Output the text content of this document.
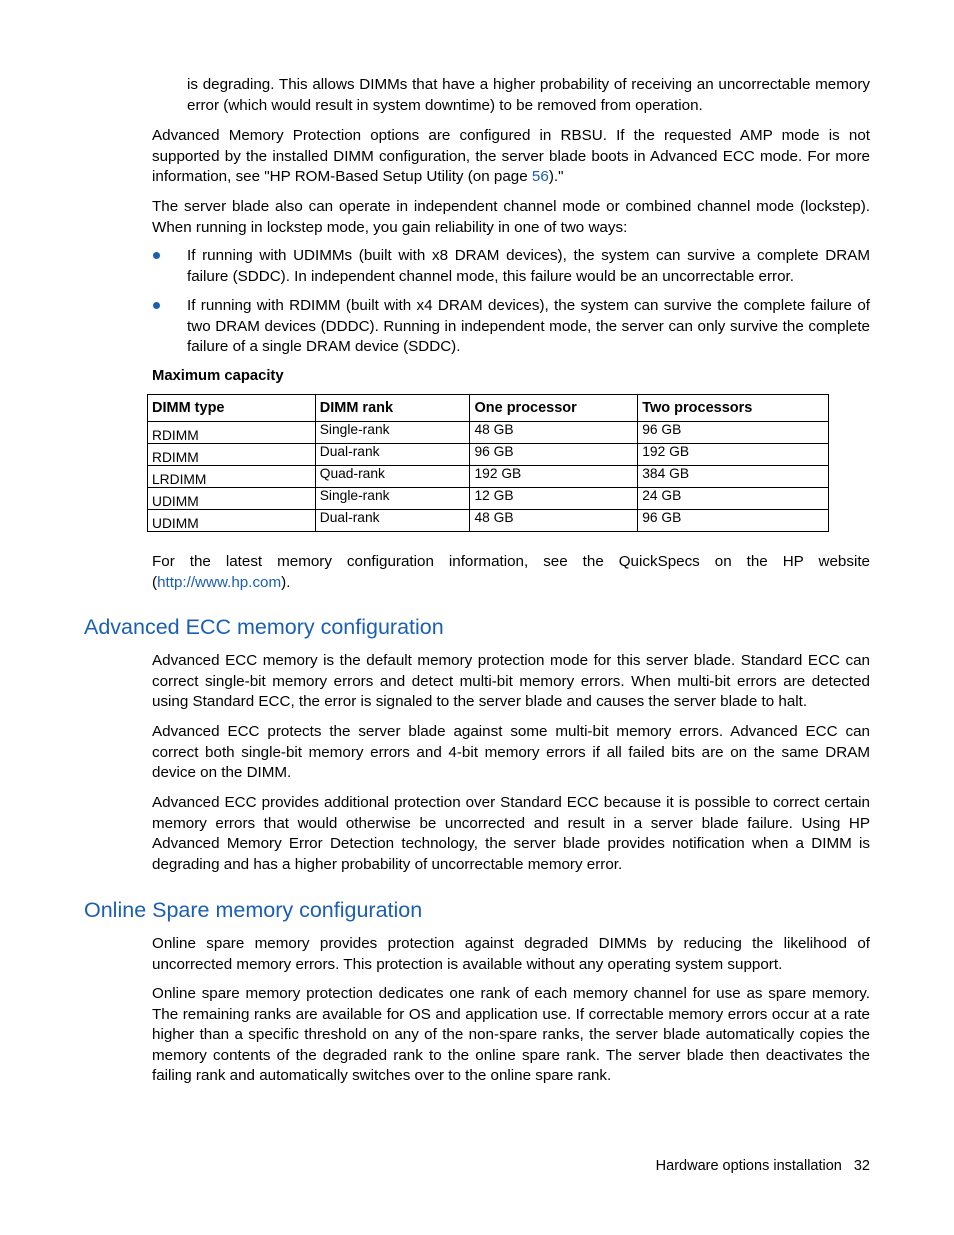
is degrading. This allows DIMMs that have a higher probability of receiving an uncorrectable memory error (which would result in system downtime) to be removed from operation.

Advanced Memory Protection options are configured in RBSU. If the requested AMP mode is not supported by the installed DIMM configuration, the server blade boots in Advanced ECC mode. For more information, see "HP ROM-Based Setup Utility (on page 56)."

The server blade also can operate in independent channel mode or combined channel mode (lockstep). When running in lockstep mode, you gain reliability in one of two ways:

If running with UDIMMs (built with x8 DRAM devices), the system can survive a complete DRAM failure (SDDC). In independent channel mode, this failure would be an uncorrectable error.

If running with RDIMM (built with x4 DRAM devices), the system can survive the complete failure of two DRAM devices (DDDC). Running in independent mode, the server can only survive the complete failure of a single DRAM device (SDDC).

Maximum capacity

DIMM type	DIMM rank	One processor	Two processors
RDIMM	Single-rank	48 GB	96 GB
RDIMM	Dual-rank	96 GB	192 GB
LRDIMM	Quad-rank	192 GB	384 GB
UDIMM	Single-rank	12 GB	24 GB
UDIMM	Dual-rank	48 GB	96 GB

For the latest memory configuration information, see the QuickSpecs on the HP website (http://www.hp.com).

Advanced ECC memory configuration

Advanced ECC memory is the default memory protection mode for this server blade. Standard ECC can correct single-bit memory errors and detect multi-bit memory errors. When multi-bit errors are detected using Standard ECC, the error is signaled to the server blade and causes the server blade to halt.

Advanced ECC protects the server blade against some multi-bit memory errors. Advanced ECC can correct both single-bit memory errors and 4-bit memory errors if all failed bits are on the same DRAM device on the DIMM.

Advanced ECC provides additional protection over Standard ECC because it is possible to correct certain memory errors that would otherwise be uncorrected and result in a server blade failure. Using HP Advanced Memory Error Detection technology, the server blade provides notification when a DIMM is degrading and has a higher probability of uncorrectable memory error.

Online Spare memory configuration

Online spare memory provides protection against degraded DIMMs by reducing the likelihood of uncorrected memory errors. This protection is available without any operating system support.

Online spare memory protection dedicates one rank of each memory channel for use as spare memory. The remaining ranks are available for OS and application use. If correctable memory errors occur at a rate higher than a specific threshold on any of the non-spare ranks, the server blade automatically copies the memory contents of the degraded rank to the online spare rank. The server blade then deactivates the failing rank and automatically switches over to the online spare rank.

Hardware options installation 32
